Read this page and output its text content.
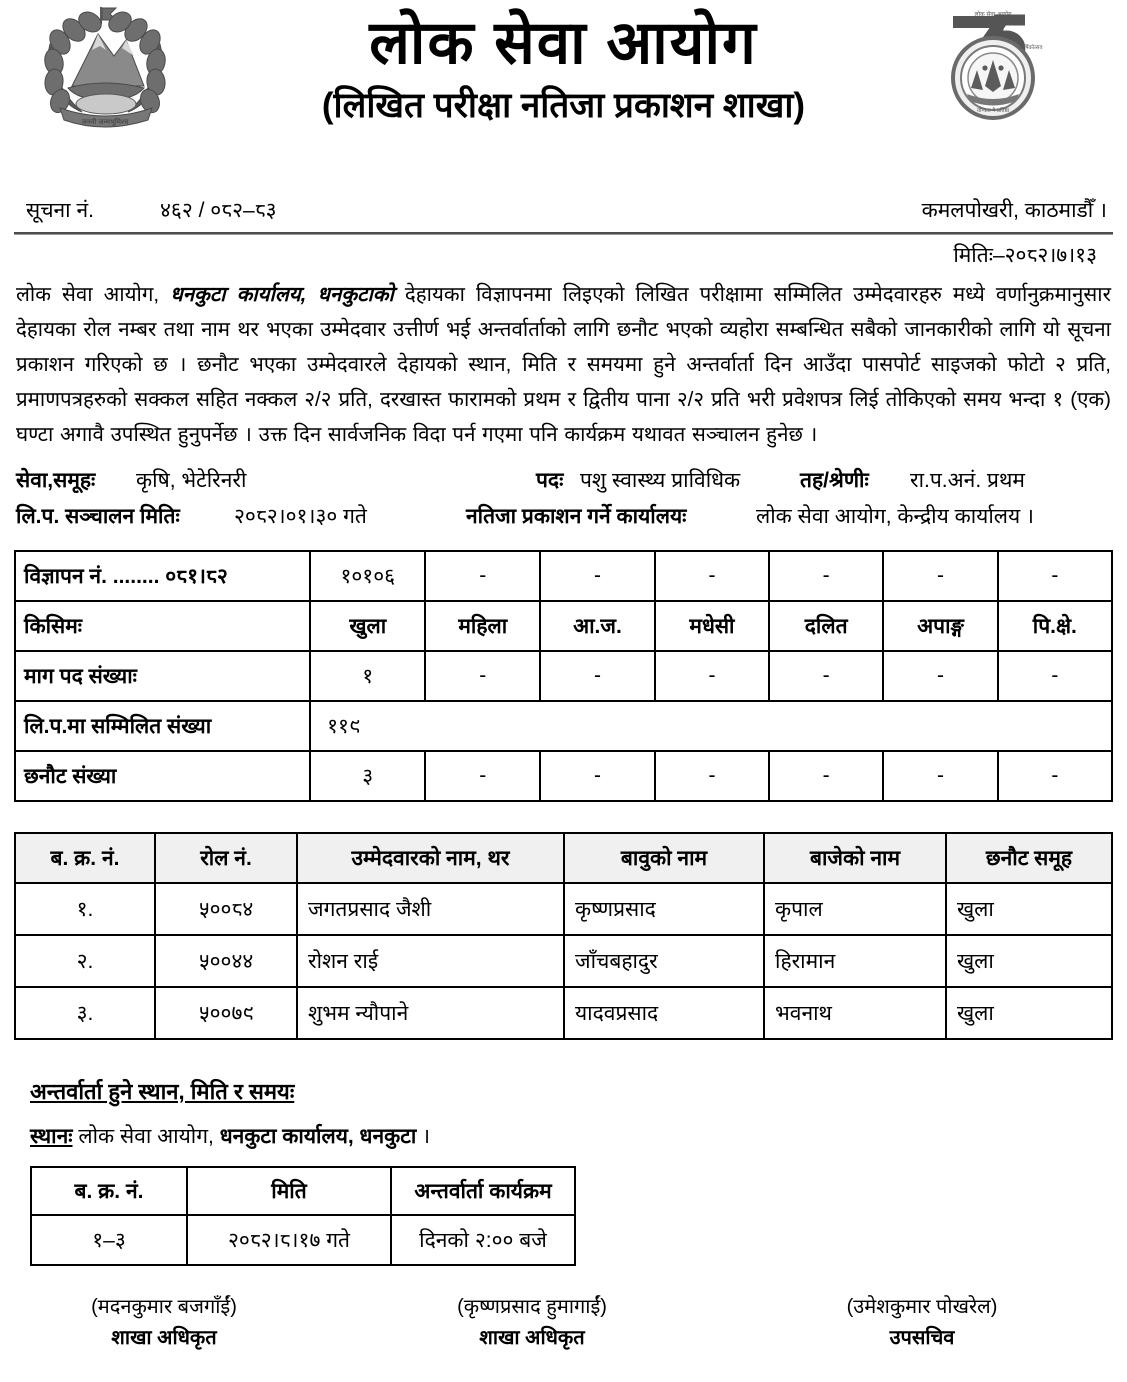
जननी जन्मभूमिश्च
लोक सेवा आयोग
वार्षिकोत्सव
योग्यता नै प्रतिष्ठा
लोक सेवा आयोग
(लिखित परीक्षा नतिजा प्रकाशन शाखा)
सूचना नं.	४६२ / ०८२–८३	कमलपोखरी, काठमाडौँ ।
मितिः–२०८२।७।१३

लोक सेवा आयोग, धनकुटा कार्यालय, धनकुटाको देहायका विज्ञापनमा लिइएको लिखित परीक्षामा सम्मिलित उम्मेदवारहरु मध्ये वर्णानुक्रमानुसार देहायका रोल नम्बर तथा नाम थर भएका उम्मेदवार उत्तीर्ण भई अन्तर्वार्ताको लागि छनौट भएको व्यहोरा सम्बन्धित सबैको जानकारीको लागि यो सूचना प्रकाशन गरिएको छ । छनौट भएका उम्मेदवारले देहायको स्थान, मिति र समयमा हुने अन्तर्वार्ता दिन आउँदा पासपोर्ट साइजको फोटो २ प्रति, प्रमाणपत्रहरुको सक्कल सहित नक्कल २/२ प्रति, दरखास्त फारामको प्रथम र द्वितीय पाना २/२ प्रति भरी प्रवेशपत्र लिई तोकिएको समय भन्दा १ (एक) घण्टा अगावै उपस्थित हुनुपर्नेछ । उक्त दिन सार्वजनिक विदा पर्न गएमा पनि कार्यक्रम यथावत सञ्चालन हुनेछ ।

सेवा,समूहः कृषि, भेटेरिनरी	पदः पशु स्वास्थ्य प्राविधिक	तह/श्रेणीः रा.प.अनं. प्रथम
लि.प. सञ्चालन मितिः	२०८२।०१।३० गते	नतिजा प्रकाशन गर्ने कार्यालयः	लोक सेवा आयोग, केन्द्रीय कार्यालय ।
विज्ञापन नं. ........ ०८१।८२	१०१०६	-	-	-	-	-	-
किसिमः	खुला	महिला	आ.ज.	मधेसी	दलित	अपाङ्ग	पि.क्षे.
माग पद संख्याः	१	-	-	-	-	-	-
लि.प.मा सम्मिलित संख्या	११९						
छनौट संख्या	३	-	-	-	-	-	-
ब. क्र. नं.	रोल नं.	उम्मेदवारको नाम, थर	बावुको नाम	बाजेको नाम	छनौट समूह
१.	५००८४	जगतप्रसाद जैशी	कृष्णप्रसाद	कृपाल	खुला
२.	५००४४	रोशन राई	जाँचबहादुर	हिरामान	खुला
३.	५००७९	शुभम न्यौपाने	यादवप्रसाद	भवनाथ	खुला
अन्तर्वार्ता हुने स्थान, मिति र समयः
स्थानः लोक सेवा आयोग, धनकुटा कार्यालय, धनकुटा ।
ब. क्र. नं.	मिति	अन्तर्वार्ता कार्यक्रम
१–३	२०८२।८।१७ गते	दिनको २:०० बजे
(मदनकुमार बजगाँईं)
शाखा अधिकृत
(कृष्णप्रसाद हुमागाईं)
शाखा अधिकृत
(उमेशकुमार पोखरेल)
उपसचिव
